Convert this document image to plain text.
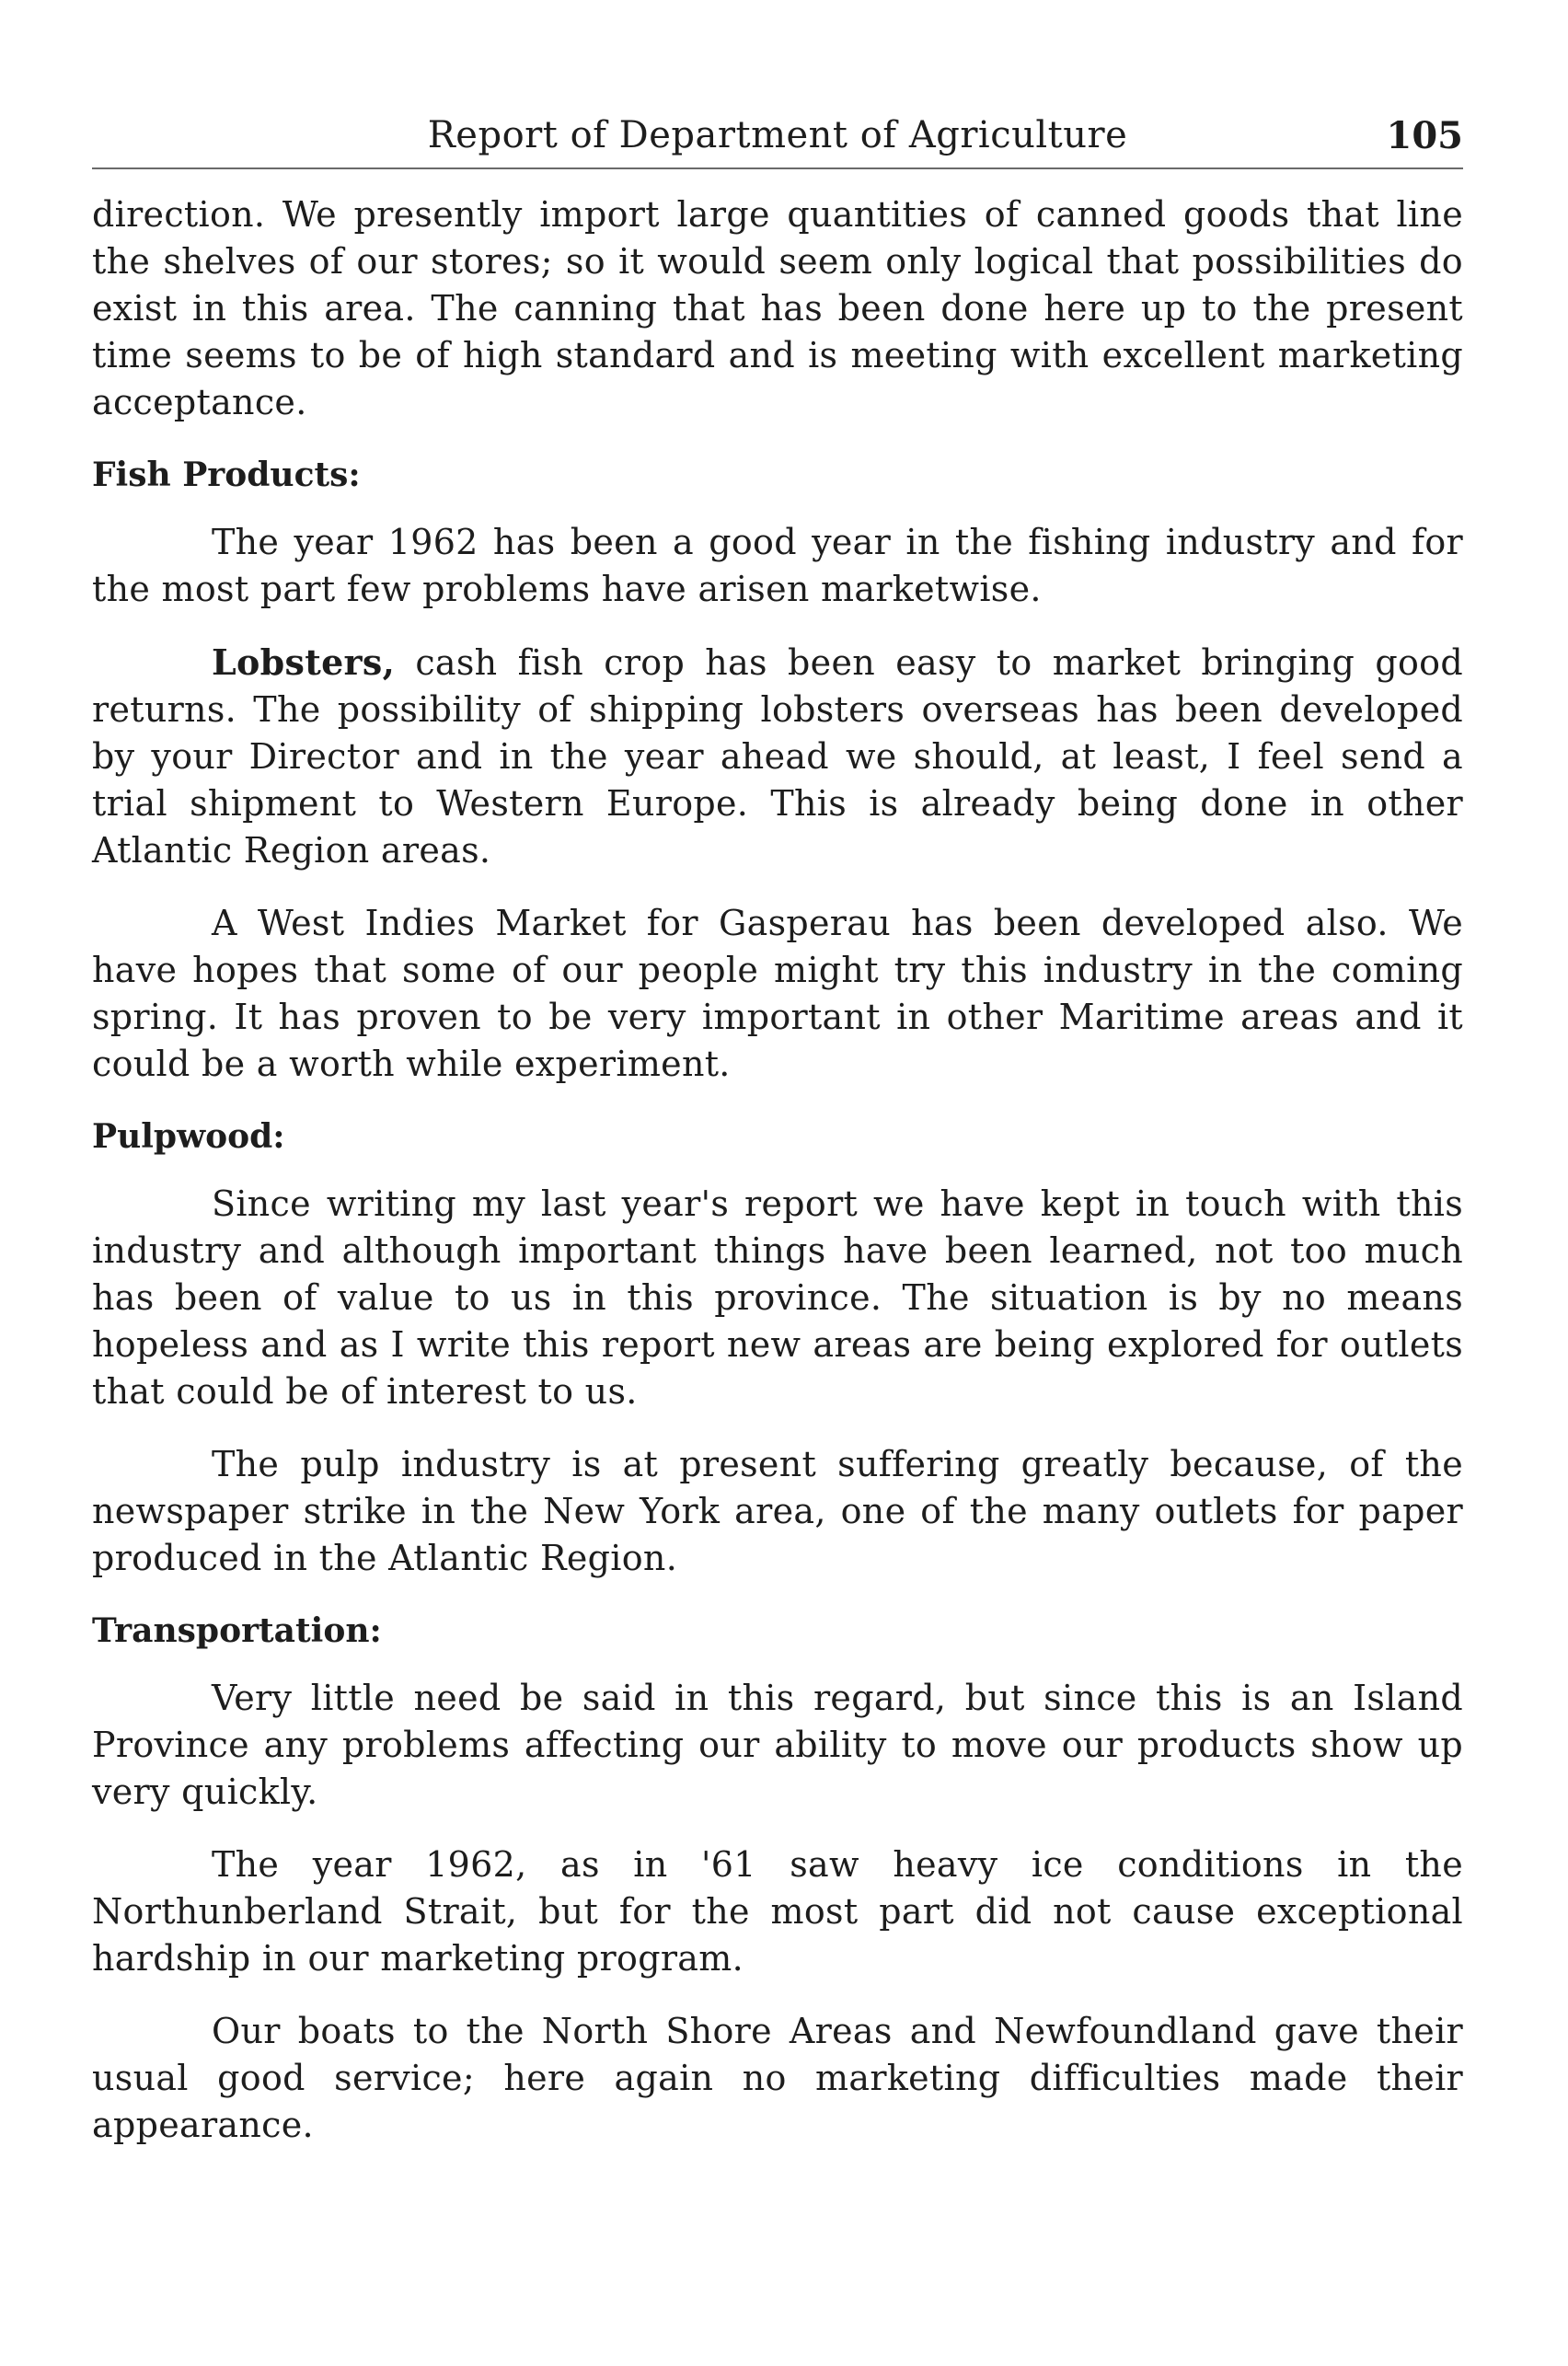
Report of Department of Agriculture	105

direction. We presently import large quantities of canned goods that line the shelves of our stores; so it would seem only logical that possibilities do exist in this area. The canning that has been done here up to the present time seems to be of high standard and is meeting with excellent marketing acceptance.

Fish Products:

The year 1962 has been a good year in the fishing industry and for the most part few problems have arisen marketwise.

Lobsters, cash fish crop has been easy to market bringing good returns. The possibility of shipping lobsters overseas has been developed by your Director and in the year ahead we should, at least, I feel send a trial shipment to Western Europe. This is already being done in other Atlantic Region areas.

A West Indies Market for Gasperau has been developed also. We have hopes that some of our people might try this industry in the coming spring. It has proven to be very important in other Maritime areas and it could be a worth while experiment.

Pulpwood:

Since writing my last year's report we have kept in touch with this industry and although important things have been learned, not too much has been of value to us in this province. The situation is by no means hopeless and as I write this report new areas are being explored for outlets that could be of interest to us.

The pulp industry is at present suffering greatly because, of the newspaper strike in the New York area, one of the many outlets for paper produced in the Atlantic Region.

Transportation:

Very little need be said in this regard, but since this is an Island Province any problems affecting our ability to move our products show up very quickly.

The year 1962, as in '61 saw heavy ice conditions in the Northunberland Strait, but for the most part did not cause exceptional hardship in our marketing program.

Our boats to the North Shore Areas and Newfoundland gave their usual good service; here again no marketing difficulties made their appearance.
